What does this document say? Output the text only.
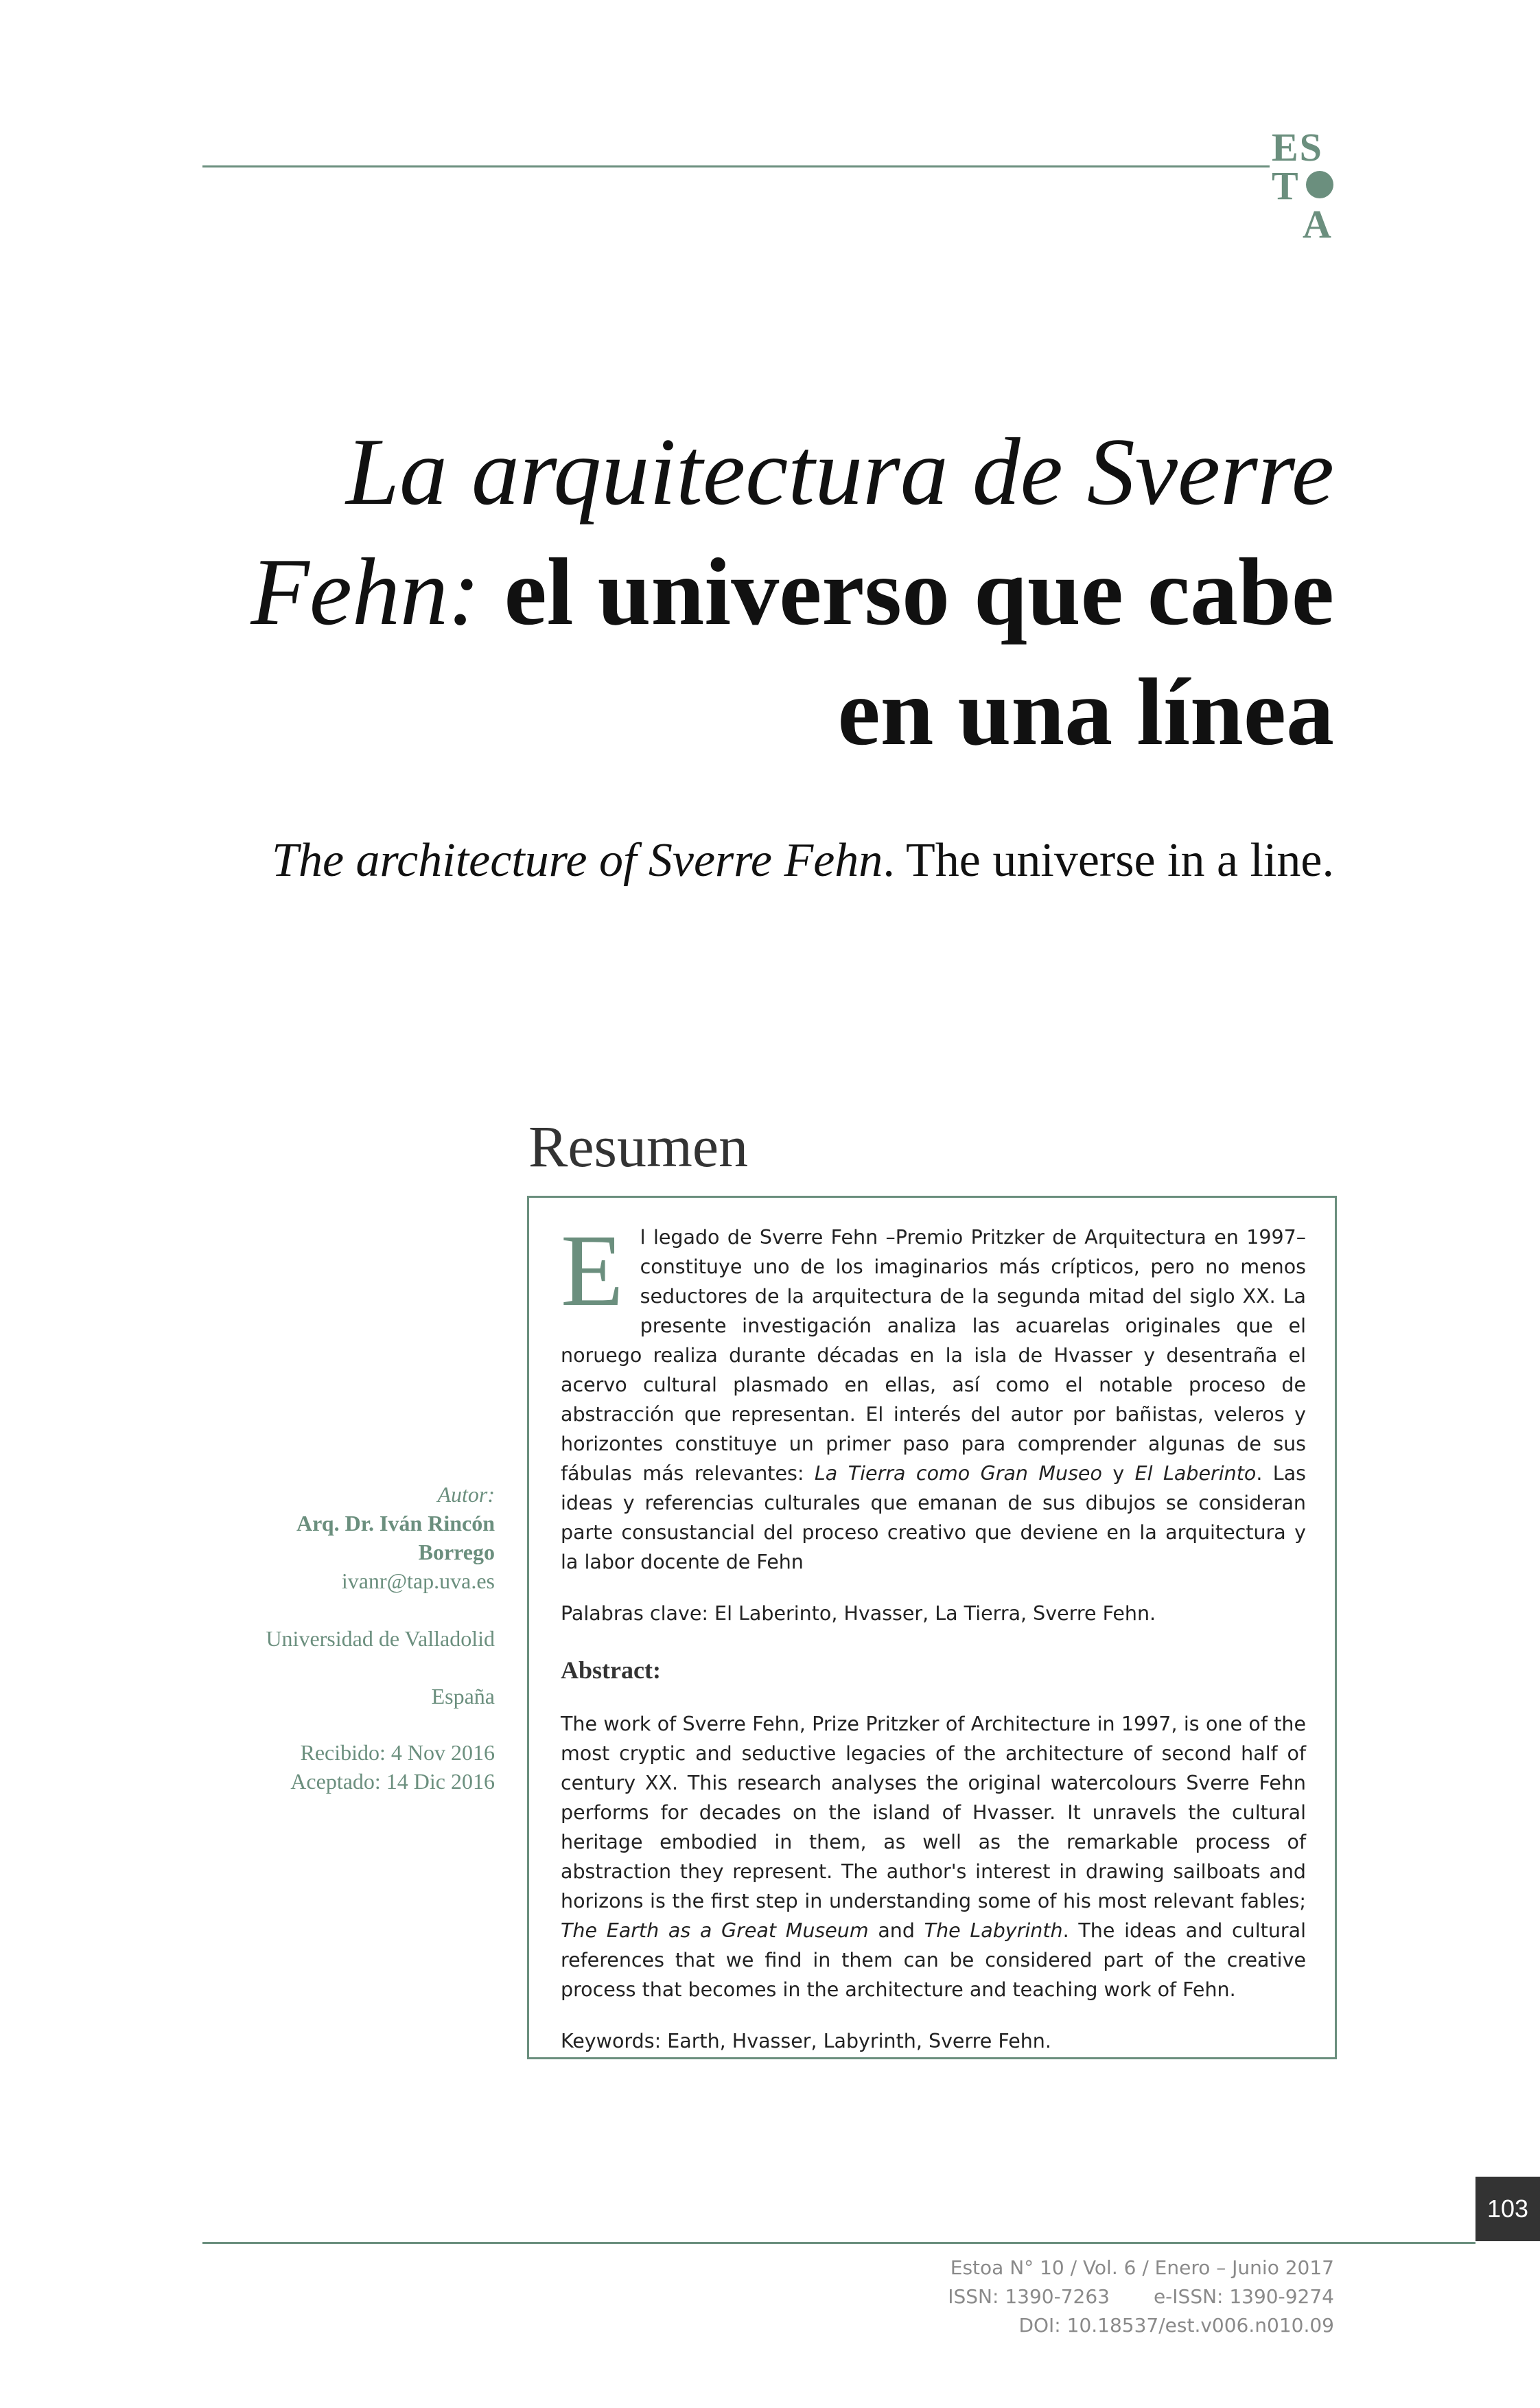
ES
T
A
La arquitectura de Sverre Fehn: el universo que cabe en una línea
The architecture of Sverre Fehn. The universe in a line.
Resumen

El legado de Sverre Fehn –Premio Pritzker de Arquitectura en 1997– constituye uno de los imaginarios más crípticos, pero no menos seductores de la arquitectura de la segunda mitad del siglo XX. La presente investigación analiza las acuarelas originales que el noruego realiza durante décadas en la isla de Hvasser y desentraña el acervo cultural plasmado en ellas, así como el notable proceso de abstracción que representan. El interés del autor por bañistas, veleros y horizontes constituye un primer paso para comprender algunas de sus fábulas más relevantes: La Tierra como Gran Museo y El Laberinto. Las ideas y referencias culturales que emanan de sus dibujos se consideran parte consustancial del proceso creativo que deviene en la arquitectura y la labor docente de Fehn

Palabras clave: El Laberinto, Hvasser, La Tierra, Sverre Fehn.

Abstract:

The work of Sverre Fehn, Prize Pritzker of Architecture in 1997, is one of the most cryptic and seductive legacies of the architecture of second half of century XX. This research analyses the original watercolours Sverre Fehn performs for decades on the island of Hvasser. It unravels the cultural heritage embodied in them, as well as the remarkable process of abstraction they represent. The author's interest in drawing sailboats and horizons is the first step in understanding some of his most relevant fables; The Earth as a Great Museum and The Labyrinth. The ideas and cultural references that we find in them can be considered part of the creative process that becomes in the architecture and teaching work of Fehn.

Keywords: Earth, Hvasser, Labyrinth, Sverre Fehn.

Autor:
Arq. Dr. Iván Rincón
Borrego
ivanr@tap.uva.es
Universidad de Valladolid
España
Recibido: 4 Nov 2016
Aceptado: 14 Dic 2016
103
Estoa N° 10 / Vol. 6 / Enero – Junio 2017
ISSN: 1390-7263 e-ISSN: 1390-9274
DOI: 10.18537/est.v006.n010.09
